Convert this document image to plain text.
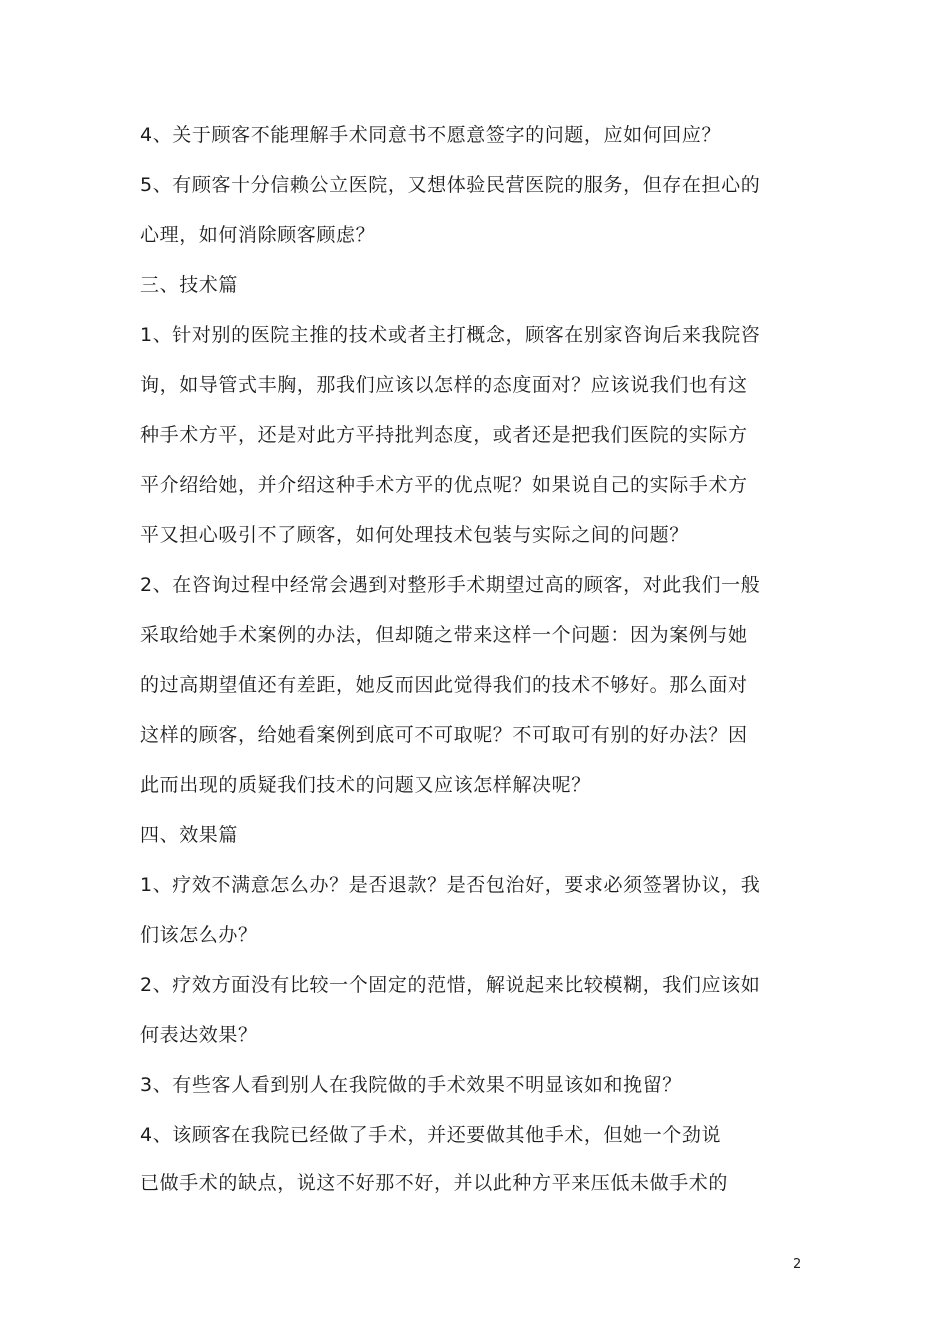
4、关于顾客不能理解手术同意书不愿意签字的问题，应如何回应？
5、有顾客十分信赖公立医院，又想体验民营医院的服务，但存在担心的
心理，如何消除顾客顾虑？
三、技术篇
1、针对别的医院主推的技术或者主打概念，顾客在别家咨询后来我院咨
询，如导管式丰胸，那我们应该以怎样的态度面对？应该说我们也有这
种手术方平，还是对此方平持批判态度，或者还是把我们医院的实际方
平介绍给她，并介绍这种手术方平的优点呢？如果说自己的实际手术方
平又担心吸引不了顾客，如何处理技术包装与实际之间的问题？
2、在咨询过程中经常会遇到对整形手术期望过高的顾客，对此我们一般
采取给她手术案例的办法，但却随之带来这样一个问题：因为案例与她
的过高期望值还有差距，她反而因此觉得我们的技术不够好。那么面对
这样的顾客，给她看案例到底可不可取呢？不可取可有别的好办法？因
此而出现的质疑我们技术的问题又应该怎样解决呢？
四、效果篇
1、疗效不满意怎么办？是否退款？是否包治好，要求必须签署协议，我
们该怎么办？
2、疗效方面没有比较一个固定的范惜，解说起来比较模糊，我们应该如
何表达效果？
3、有些客人看到别人在我院做的手术效果不明显该如和挽留？
4、该顾客在我院已经做了手术，并还要做其他手术，但她一个劲说
已做手术的缺点，说这不好那不好，并以此种方平来压低未做手术的
2
